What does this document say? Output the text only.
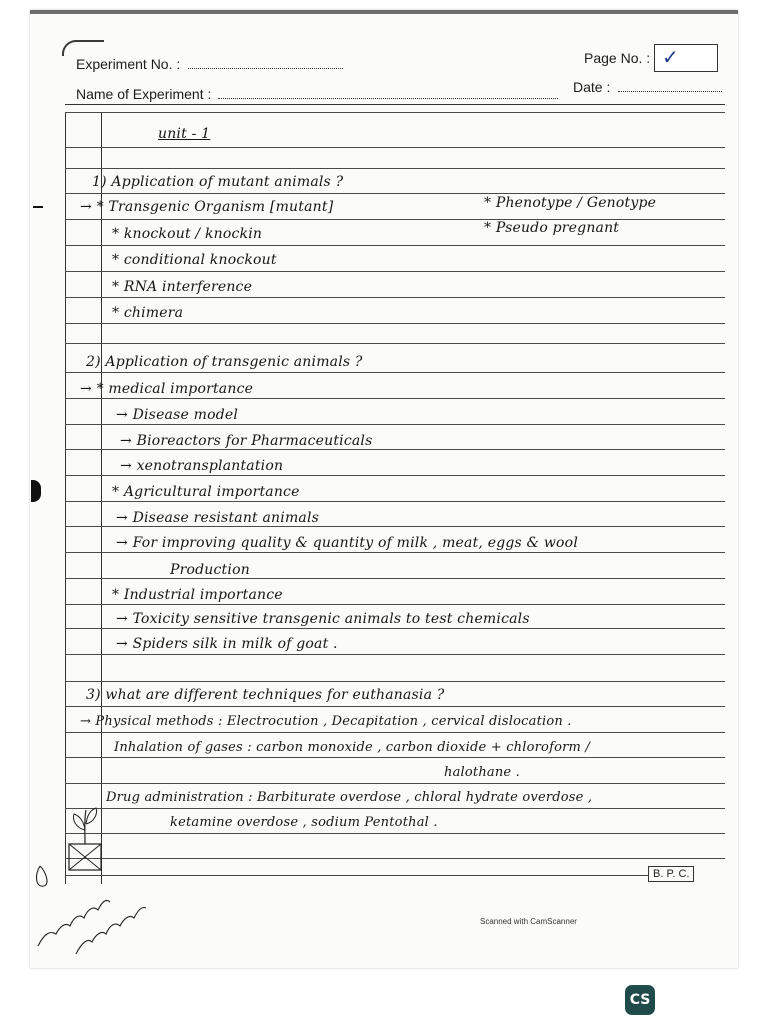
Experiment No. :	Page No. : ✓
Name of Experiment :	Date :
unit - 1
1) Application of mutant animals ?
→ * Transgenic Organism [mutant]
* knockout / knockin
* conditional knockout
* RNA interference
* chimera
* Phenotype / Genotype
* Pseudo pregnant
2) Application of transgenic animals ?
→ * medical importance
→ Disease model
→ Bioreactors for Pharmaceuticals
→ xenotransplantation
* Agricultural importance
→ Disease resistant animals
→ For improving quality & quantity of milk , meat, eggs & wool
Production
* Industrial importance
→ Toxicity sensitive transgenic animals to test chemicals
→ Spiders silk in milk of goat .
3) what are different techniques for euthanasia ?
→ Physical methods : Electrocution , Decapitation , cervical dislocation .
Inhalation of gases : carbon monoxide , carbon dioxide + chloroform /
halothane .
Drug administration : Barbiturate overdose , chloral hydrate overdose ,
ketamine overdose , sodium Pentothal .
B. P. C.
Scanned with CamScanner
CS
